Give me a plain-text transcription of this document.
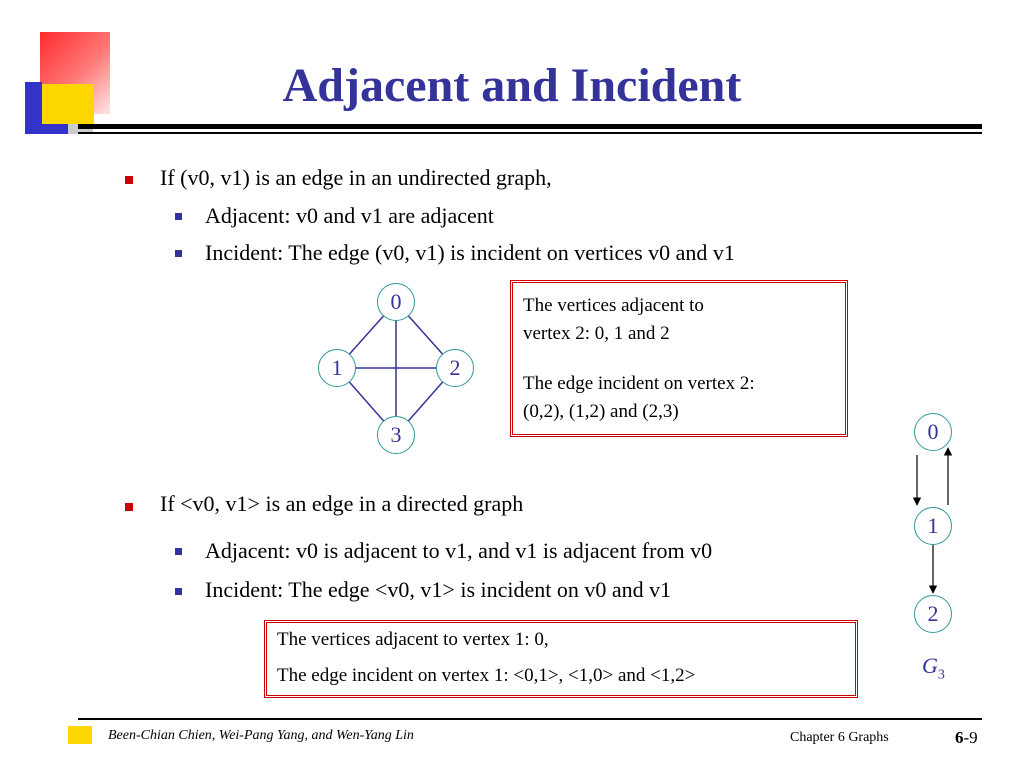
Adjacent and Incident
If (v0, v1) is an edge in an undirected graph,
Adjacent: v0 and v1 are adjacent
Incident: The edge (v0, v1) is incident on vertices v0 and v1
0
1	2
3
The vertices adjacent to
vertex 2: 0, 1 and 2
The edge incident on vertex 2:
(0,2), (1,2) and (2,3)
If <v0, v1> is an edge in a directed graph
Adjacent: v0 is adjacent to v1, and v1 is adjacent from v0
Incident: The edge <v0, v1> is incident on v0 and v1
The vertices adjacent to vertex 1: 0,
The edge incident on vertex 1: <0,1>, <1,0> and <1,2>
0
1
2
$G_3$
Been-Chian Chien, Wei-Pang Yang, and Wen-Yang Lin	Chapter 6 Graphs	6-9
